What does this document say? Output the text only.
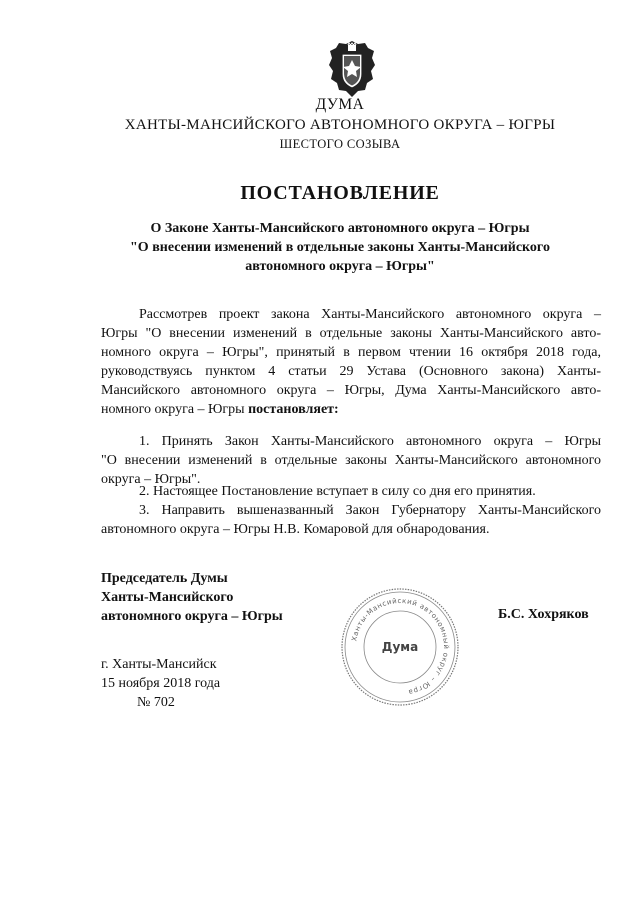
ДУМА
ХАНТЫ-МАНСИЙСКОГО АВТОНОМНОГО ОКРУГА – ЮГРЫ
ШЕСТОГО СОЗЫВА
ПОСТАНОВЛЕНИЕ
О Законе Ханты-Мансийского автономного округа – Югры
"О внесении изменений в отдельные законы Ханты-Мансийского
автономного округа – Югры"
Рассмотрев проект закона Ханты-Мансийского автономного округа –
Югры "О внесении изменений в отдельные законы Ханты-Мансийского авто-
номного округа – Югры", принятый в первом чтении 16 октября 2018 года,
руководствуясь пунктом 4 статьи 29 Устава (Основного закона) Ханты-
Мансийского автономного округа – Югры, Дума Ханты-Мансийского авто-
номного округа – Югры постановляет:
1. Принять Закон Ханты-Мансийского автономного округа – Югры
"О внесении изменений в отдельные законы Ханты-Мансийского автономного
округа – Югры".
2. Настоящее Постановление вступает в силу со дня его принятия.
3. Направить вышеназванный Закон Губернатору Ханты-Мансийского
автономного округа – Югры Н.В. Комаровой для обнародования.
Председатель Думы
Ханты-Мансийского
автономного округа – Югры
Ханты-Мансийский автономный округ – Югра
Дума
Б.С. Хохряков
г. Ханты-Мансийск
15 ноября 2018 года
№ 702
